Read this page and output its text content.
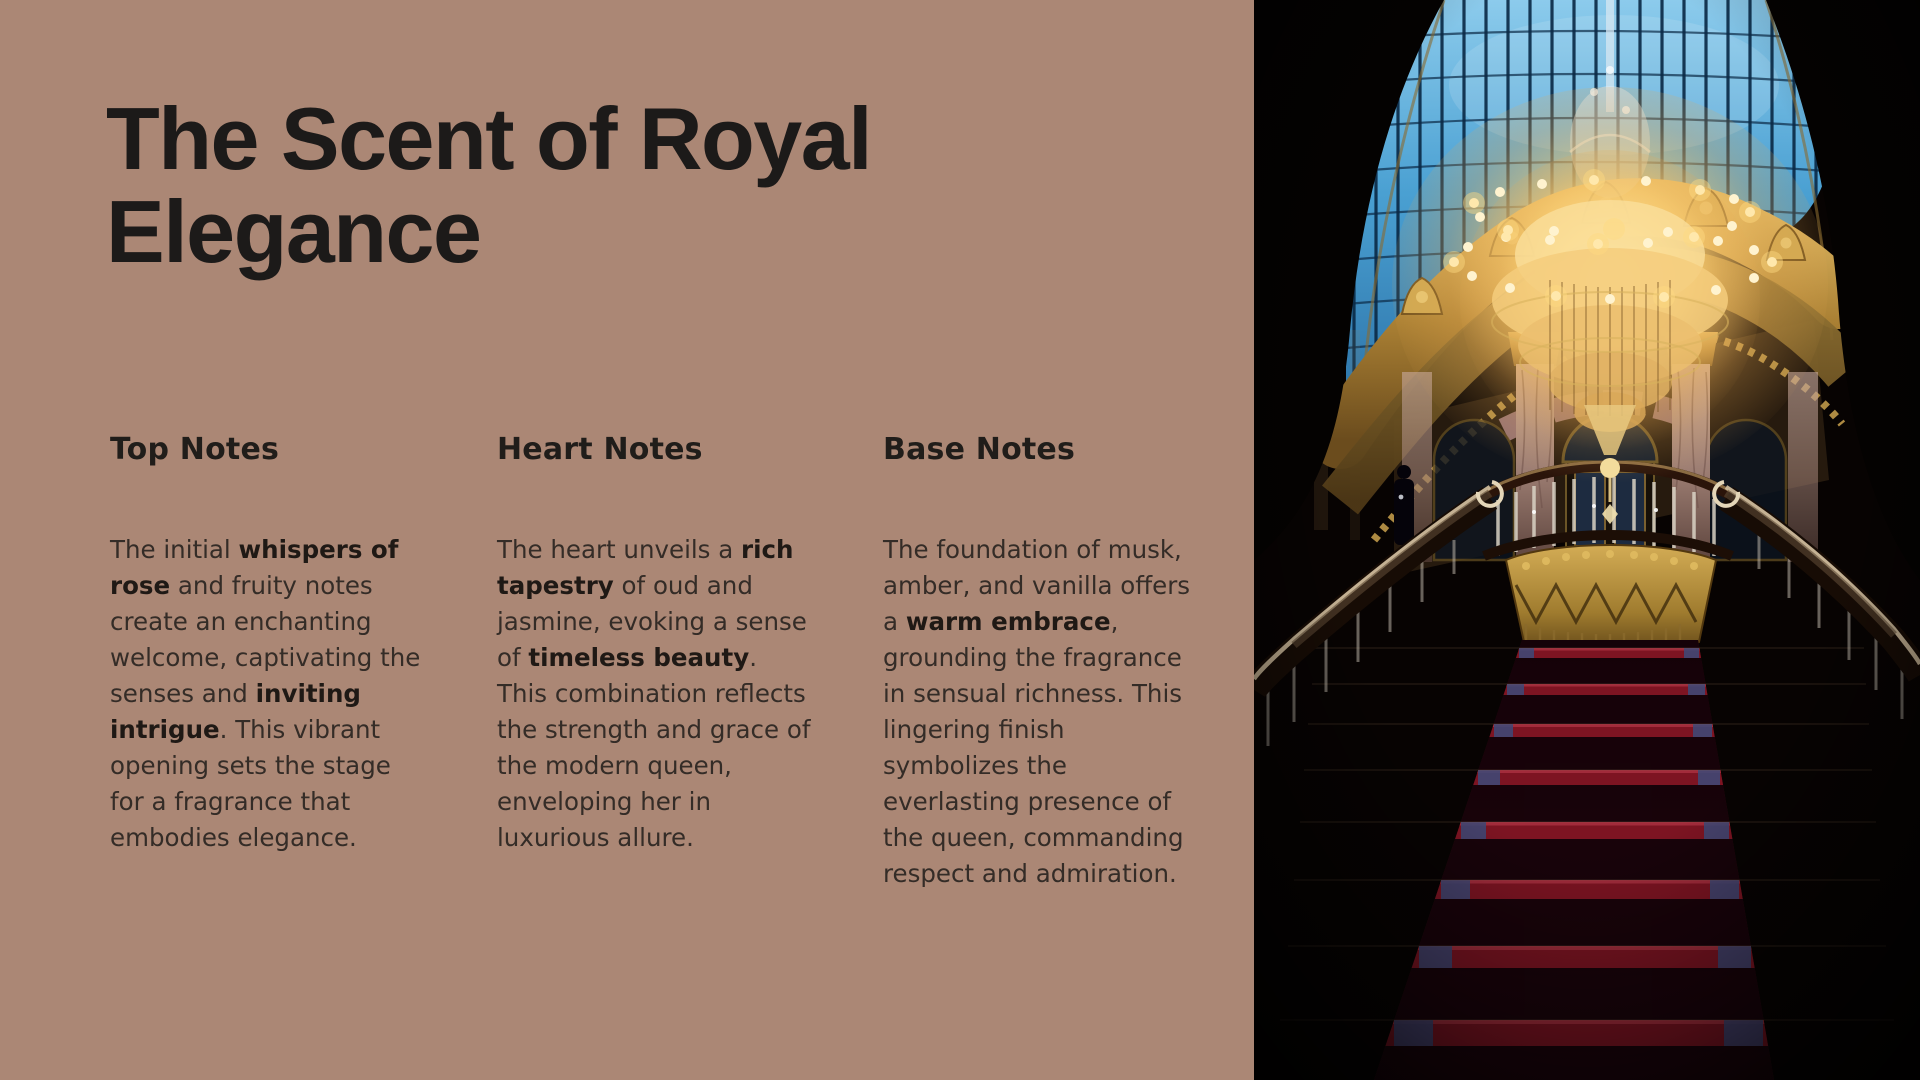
The Scent of Royal Elegance
Top Notes

The initial whispers of rose and fruity notes create an enchanting welcome, captivating the senses and inviting intrigue. This vibrant opening sets the stage for a fragrance that embodies elegance.

Heart Notes

The heart unveils a rich tapestry of oud and jasmine, evoking a sense of timeless beauty. This combination reflects the strength and grace of the modern queen, enveloping her in luxurious allure.

Base Notes

The foundation of musk, amber, and vanilla offers a warm embrace, grounding the fragrance in sensual richness. This lingering finish symbolizes the everlasting presence of the queen, commanding respect and admiration.
